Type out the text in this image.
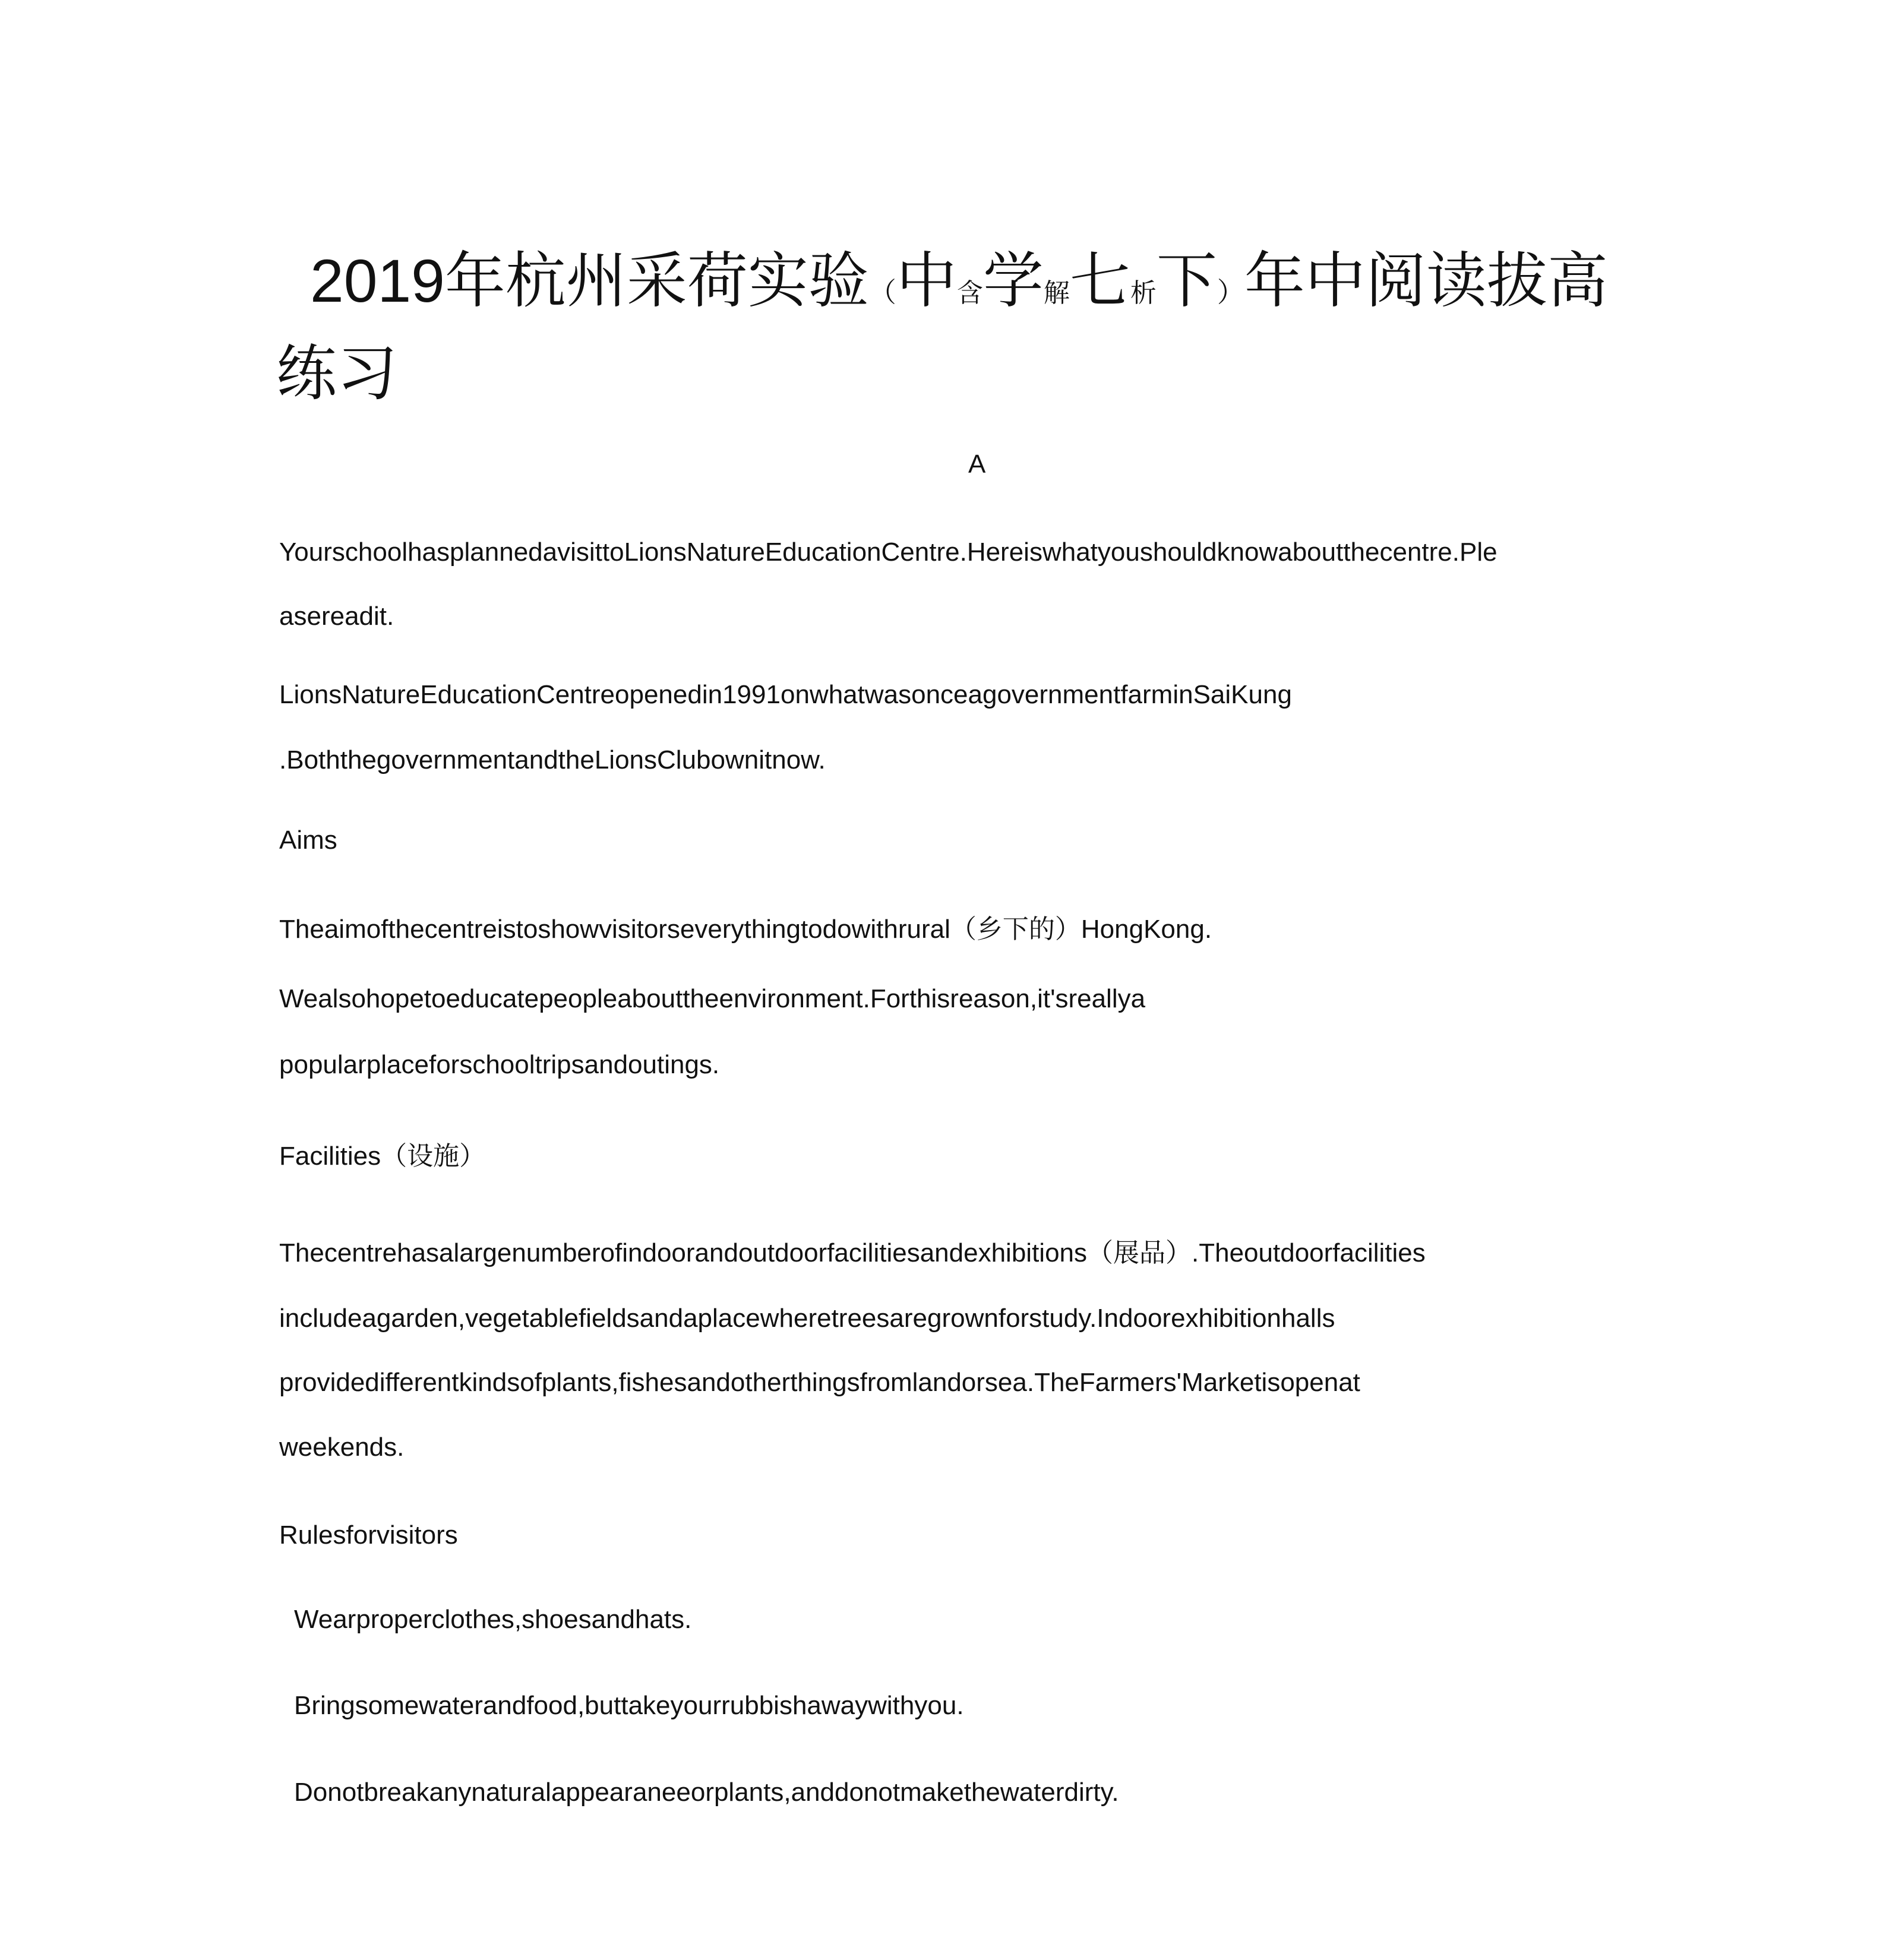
2019年杭州采荷实验（中含学解七析下）年中阅读拔高
练习
A
YourschoolhasplannedavisittoLionsNatureEducationCentre.Hereiswhatyoushouldknowaboutthecentre.Ple
asereadit.
LionsNatureEducationCentreopenedin1991onwhatwasonceagovernmentfarminSaiKung
.BoththegovernmentandtheLionsClubownitnow.
Aims
Theaimofthecentreistoshowvisitorseverythingtodowithrural（乡下的）HongKong.
Wealsohopetoeducatepeopleabouttheenvironment.Forthisreason,it'sreallya
popularplaceforschooltripsandoutings.
Facilities（设施）
Thecentrehasalargenumberofindoorandoutdoorfacilitiesandexhibitions（展品）.Theoutdoorfacilities
includeagarden,vegetablefieldsandaplacewheretreesaregrownforstudy.Indoorexhibitionhalls
providedifferentkindsofplants,fishesandotherthingsfromlandorsea.TheFarmers'Marketisopenat
weekends.
Rulesforvisitors
Wearproperclothes,shoesandhats.
Bringsomewaterandfood,buttakeyourrubbishawaywithyou.
Donotbreakanynaturalappearaneeorplants,anddonotmakethewaterdirty.
